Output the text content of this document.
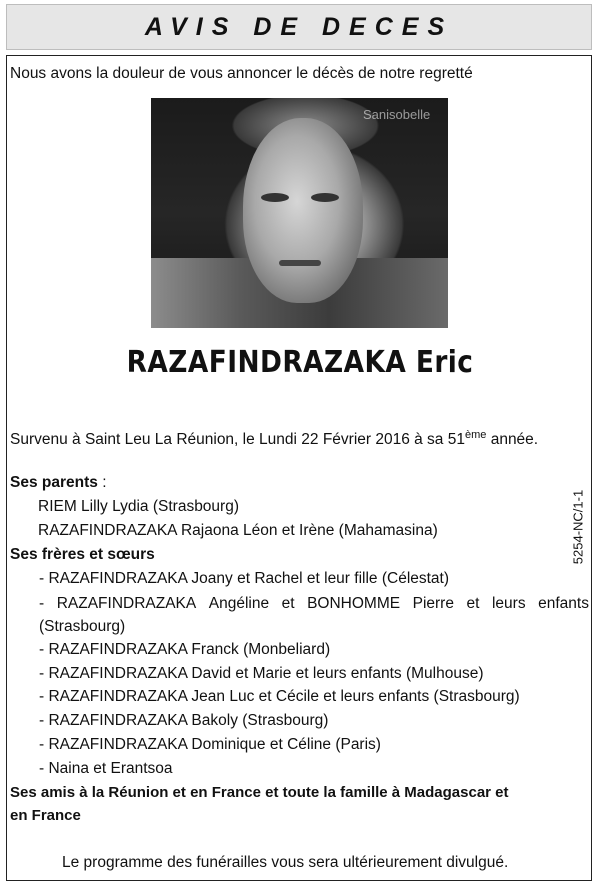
AVIS DE DECES
Nous avons la douleur de vous annoncer le décès de notre regretté
Sanisobelle
RAZAFINDRAZAKA Eric
Survenu à Saint Leu La Réunion, le Lundi 22 Février 2016 à sa 51ème année.
Ses parents :
RIEM Lilly Lydia (Strasbourg)
RAZAFINDRAZAKA Rajaona Léon et Irène (Mahamasina)
Ses frères et sœurs
- RAZAFINDRAZAKA Joany et Rachel et leur fille (Célestat)
- RAZAFINDRAZAKA Angéline et BONHOMME Pierre et leurs enfants
(Strasbourg)
- RAZAFINDRAZAKA Franck (Monbeliard)
- RAZAFINDRAZAKA David et Marie et leurs enfants (Mulhouse)
- RAZAFINDRAZAKA Jean Luc et Cécile et leurs enfants (Strasbourg)
- RAZAFINDRAZAKA Bakoly (Strasbourg)
- RAZAFINDRAZAKA Dominique et Céline (Paris)
- Naina et Erantsoa
Ses amis à la Réunion et en France et toute la famille à Madagascar et
en France
Le programme des funérailles vous sera ultérieurement divulgué.
5254-NC/1-1
